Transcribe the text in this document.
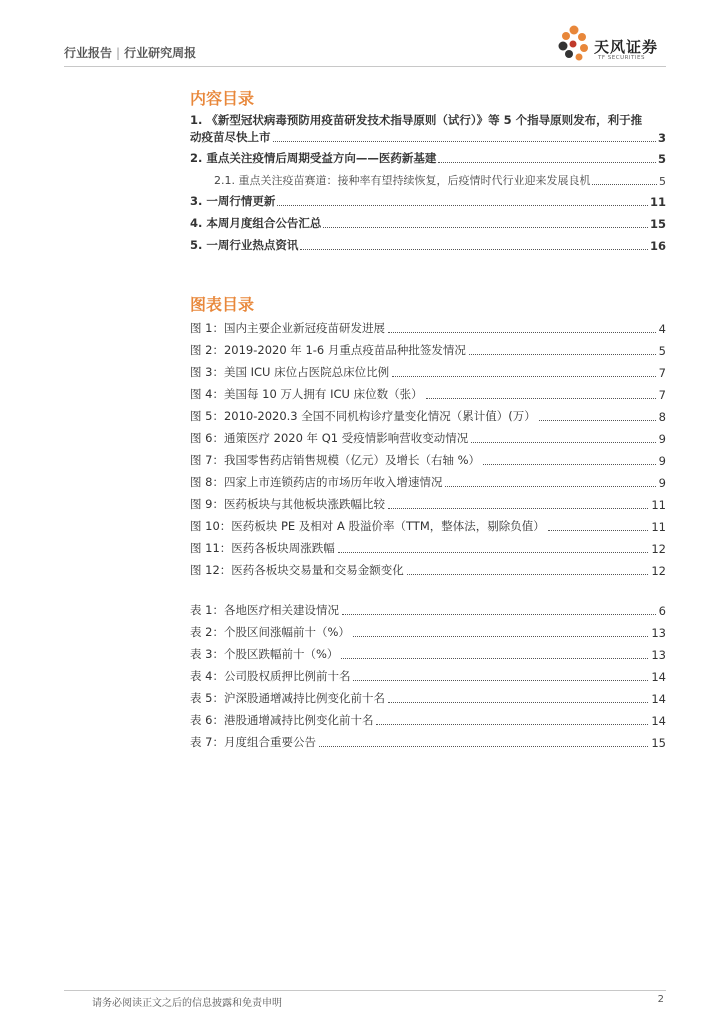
行业报告 | 行业研究周报	天风证券
TF SECURITIES
内容目录
1. 《新型冠状病毒预防用疫苗研发技术指导原则（试行）》等 5 个指导原则发布，利于推
动疫苗尽快上市	3
2. 重点关注疫情后周期受益方向——医药新基建	5
2.1. 重点关注疫苗赛道：接种率有望持续恢复，后疫情时代行业迎来发展良机	5
3. 一周行情更新	11
4. 本周月度组合公告汇总	15
5. 一周行业热点资讯	16
图表目录
图 1：国内主要企业新冠疫苗研发进展	4
图 2：2019-2020 年 1-6 月重点疫苗品种批签发情况	5
图 3：美国 ICU 床位占医院总床位比例	7
图 4：美国每 10 万人拥有 ICU 床位数（张）	7
图 5：2010-2020.3 全国不同机构诊疗量变化情况（累计值）(万）	8
图 6：通策医疗 2020 年 Q1 受疫情影响营收变动情况	9
图 7：我国零售药店销售规模（亿元）及增长（右轴 %）	9
图 8：四家上市连锁药店的市场历年收入增速情况	9
图 9：医药板块与其他板块涨跌幅比较	11
图 10：医药板块 PE 及相对 A 股溢价率（TTM，整体法，剔除负值）	11
图 11：医药各板块周涨跌幅	12
图 12：医药各板块交易量和交易金额变化	12
表 1：各地医疗相关建设情况	6
表 2：个股区间涨幅前十（%）	13
表 3：个股区跌幅前十（%）	13
表 4：公司股权质押比例前十名	14
表 5：沪深股通增减持比例变化前十名	14
表 6：港股通增减持比例变化前十名	14
表 7：月度组合重要公告	15
请务必阅读正文之后的信息披露和免责申明	2
